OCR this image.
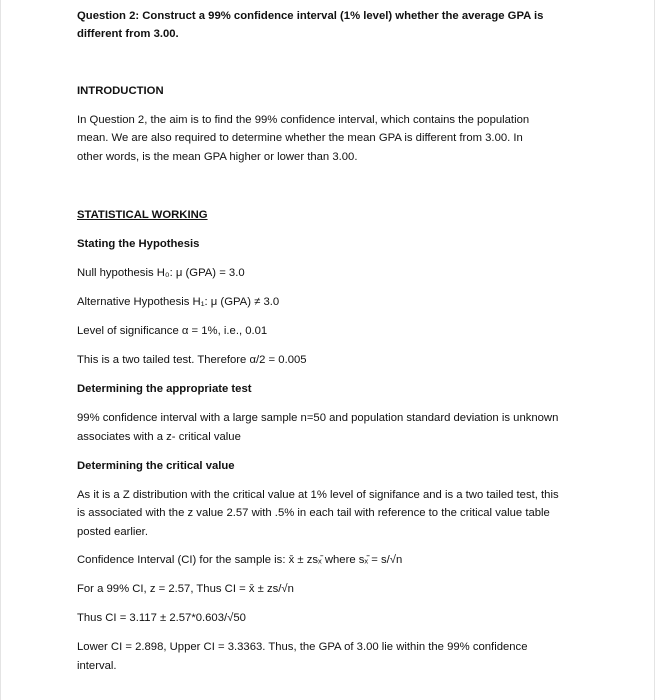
Question 2: Construct a 99% confidence interval (1% level) whether the average GPA is
different from 3.00.
INTRODUCTION
In Question 2, the aim is to find the 99% confidence interval, which contains the population
mean. We are also required to determine whether the mean GPA is different from 3.00. In
other words, is the mean GPA higher or lower than 3.00.
STATISTICAL WORKING
Stating the Hypothesis
Null hypothesis H₀: μ (GPA) = 3.0
Alternative Hypothesis H₁: μ (GPA) ≠ 3.0
Level of significance α = 1%, i.e., 0.01
This is a two tailed test. Therefore α/2 = 0.005
Determining the appropriate test
99% confidence interval with a large sample n=50 and population standard deviation is unknown
associates with a z- critical value
Determining the critical value
As it is a Z distribution with the critical value at 1% level of signifance and is a two tailed test, this
is associated with the z value 2.57 with .5% in each tail with reference to the critical value table
posted earlier.
Confidence Interval (CI) for the sample is: x̄ ± zsₓ̄ where sₓ̄ = s/√n
For a 99% CI, z = 2.57, Thus CI = x̄ ± zs/√n
Thus CI = 3.117 ± 2.57*0.603/√50
Lower CI = 2.898, Upper CI = 3.3363. Thus, the GPA of 3.00 lie within the 99% confidence
interval.
